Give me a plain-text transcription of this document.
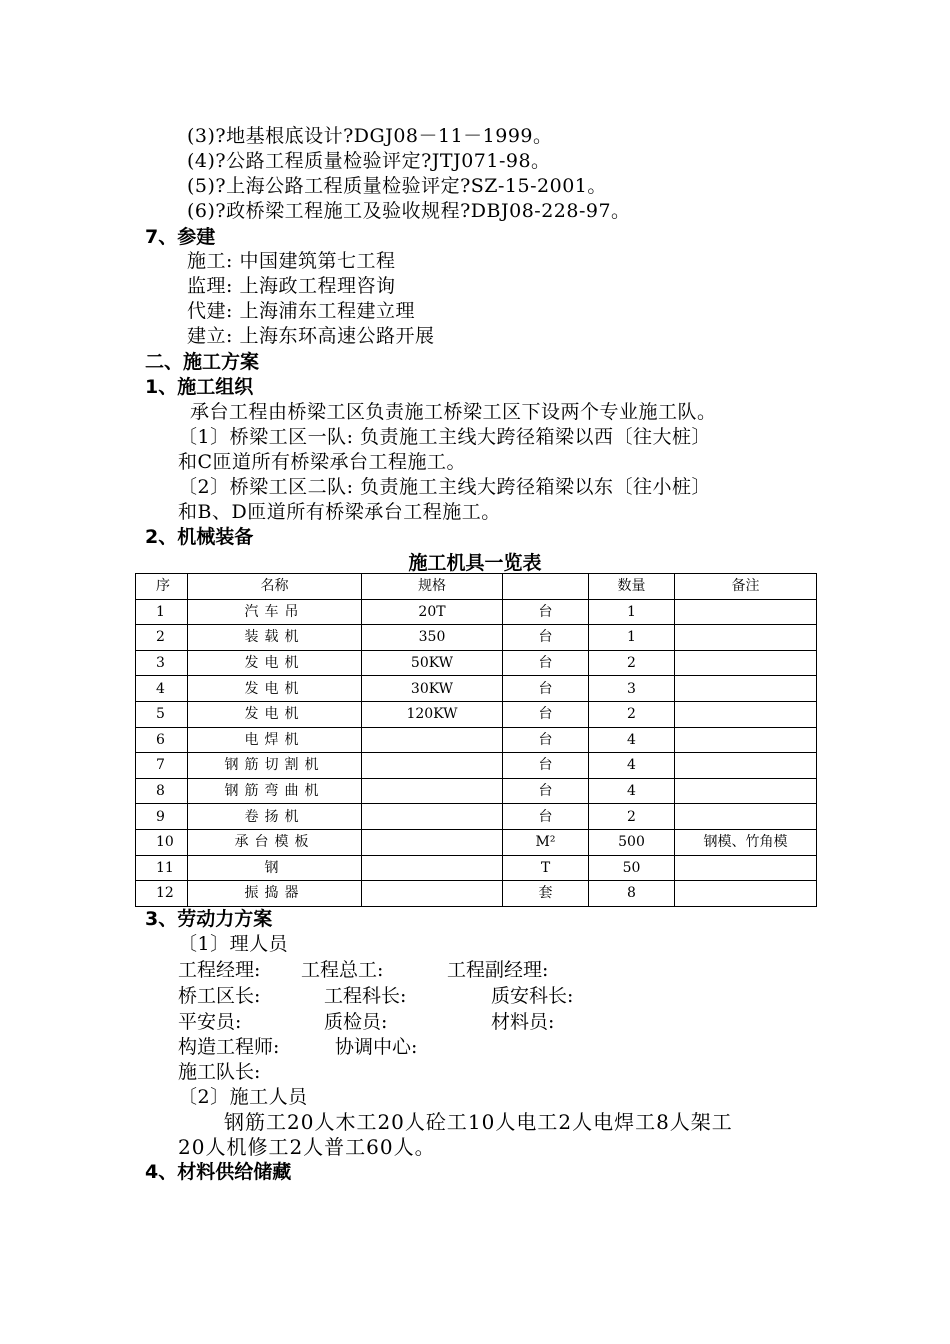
(3)?地基根底设计?DGJ08－11－1999。
(4)?公路工程质量检验评定?JTJ071-98。
(5)?上海公路工程质量检验评定?SZ-15-2001。
(6)?政桥梁工程施工及验收规程?DBJ08-228-97。
7、参建
施工: 中国建筑第七工程
监理: 上海政工程理咨询
代建: 上海浦东工程建立理
建立: 上海东环高速公路开展
二、施工方案
1、施工组织
承台工程由桥梁工区负责施工桥梁工区下设两个专业施工队。
〔1〕桥梁工区一队: 负责施工主线大跨径箱梁以西〔往大桩〕
和C匝道所有桥梁承台工程施工。
〔2〕桥梁工区二队: 负责施工主线大跨径箱梁以东〔往小桩〕
和B、D匝道所有桥梁承台工程施工。
2、机械装备
施工机具一览表
序	名称	规格		数量	备注
1	汽车吊	20T	台	1	
2	装载机	350	台	1	
3	发电机	50KW	台	2	
4	发电机	30KW	台	3	
5	发电机	120KW	台	2	
6	电焊机		台	4	
7	钢筋切割机		台	4	
8	钢筋弯曲机		台	4	
9	卷扬机		台	2	
10	承台模板		M²	500	钢模、竹角模
11	钢		T	50	
12	振捣器		套	8	
3、劳动力方案
〔1〕理人员
工程经理: 工程总工:	工程副经理:
桥工区长:	工程科长:	质安科长:
平安员:	质检员:	材料员:
构造工程师:	协调中心:
施工队长:
〔2〕施工人员
钢筋工20人木工20人砼工10人电工2人电焊工8人架工
20人机修工2人普工60人。
4、材料供给储藏
